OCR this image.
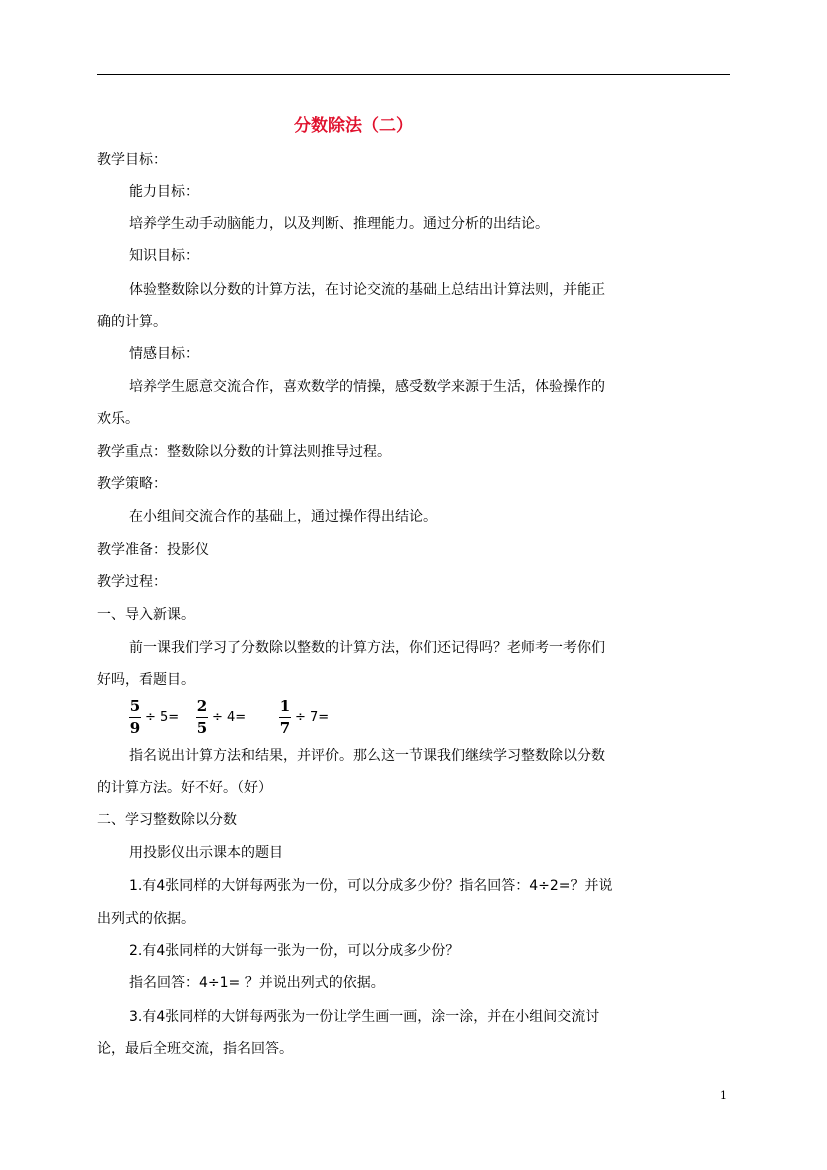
分数除法（二）
教学目标：
能力目标：
培养学生动手动脑能力，以及判断、推理能力。通过分析的出结论。
知识目标：
体验整数除以分数的计算方法，在讨论交流的基础上总结出计算法则，并能正
确的计算。
情感目标：
培养学生愿意交流合作，喜欢数学的情操，感受数学来源于生活，体验操作的
欢乐。
教学重点：整数除以分数的计算法则推导过程。
教学策略：
在小组间交流合作的基础上，通过操作得出结论。
教学准备：投影仪
教学过程：
一、导入新课。
前一课我们学习了分数除以整数的计算方法，你们还记得吗？老师考一考你们
好吗，看题目。
5
9
÷ 5=
2
5
÷ 4=
1
7
÷ 7=
指名说出计算方法和结果，并评价。那么这一节课我们继续学习整数除以分数
的计算方法。好不好。（好）
二、学习整数除以分数
用投影仪出示课本的题目
1.有4张同样的大饼每两张为一份，可以分成多少份？指名回答：4÷2=？并说
出列式的依据。
2.有4张同样的大饼每一张为一份，可以分成多少份？
指名回答：4÷1= ？并说出列式的依据。
3.有4张同样的大饼每两张为一份让学生画一画，涂一涂，并在小组间交流讨
论，最后全班交流，指名回答。
1
